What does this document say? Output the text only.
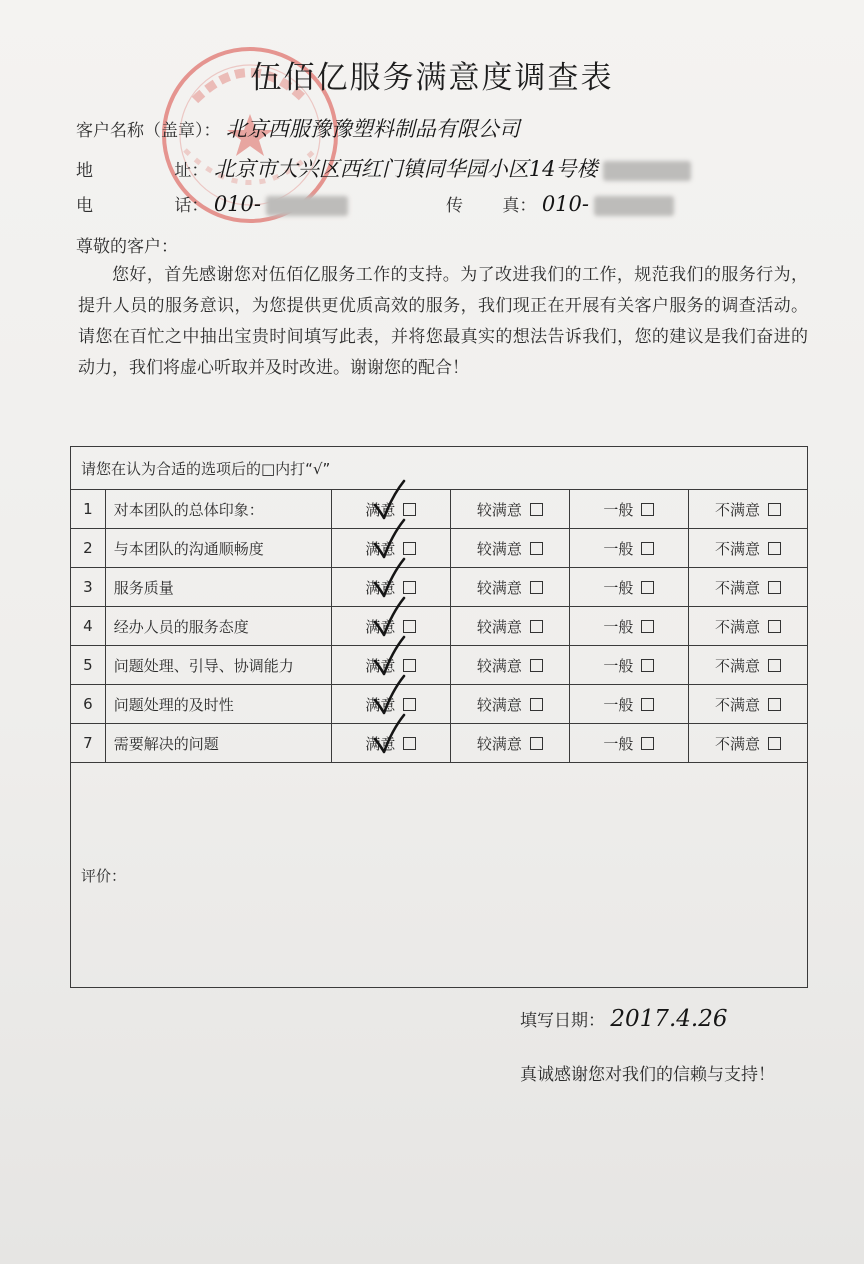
伍佰亿服务满意度调查表
客户名称（盖章）： 北京西服豫豫塑料制品有限公司
地	址： 北京市大兴区西红门镇同华园小区14号楼
电	话： 010-	传 真： 010-
尊敬的客户：
您好，首先感谢您对伍佰亿服务工作的支持。为了改进我们的工作，规范我们的服务行为，提升人员的服务意识，为您提供更优质高效的服务，我们现正在开展有关客户服务的调查活动。请您在百忙之中抽出宝贵时间填写此表，并将您最真实的想法告诉我们，您的建议是我们奋进的动力，我们将虚心听取并及时改进。谢谢您的配合！
请您在认为合适的选项后的□内打“√”					
1	对本团队的总体印象：	满意	较满意	一般	不满意
2	与本团队的沟通顺畅度	满意	较满意	一般	不满意
3	服务质量	满意	较满意	一般	不满意
4	经办人员的服务态度	满意	较满意	一般	不满意
5	问题处理、引导、协调能力	满意	较满意	一般	不满意
6	问题处理的及时性	满意	较满意	一般	不满意
7	需要解决的问题	满意	较满意	一般	不满意
评价：					
填写日期： 2017.4.26
真诚感谢您对我们的信赖与支持！
